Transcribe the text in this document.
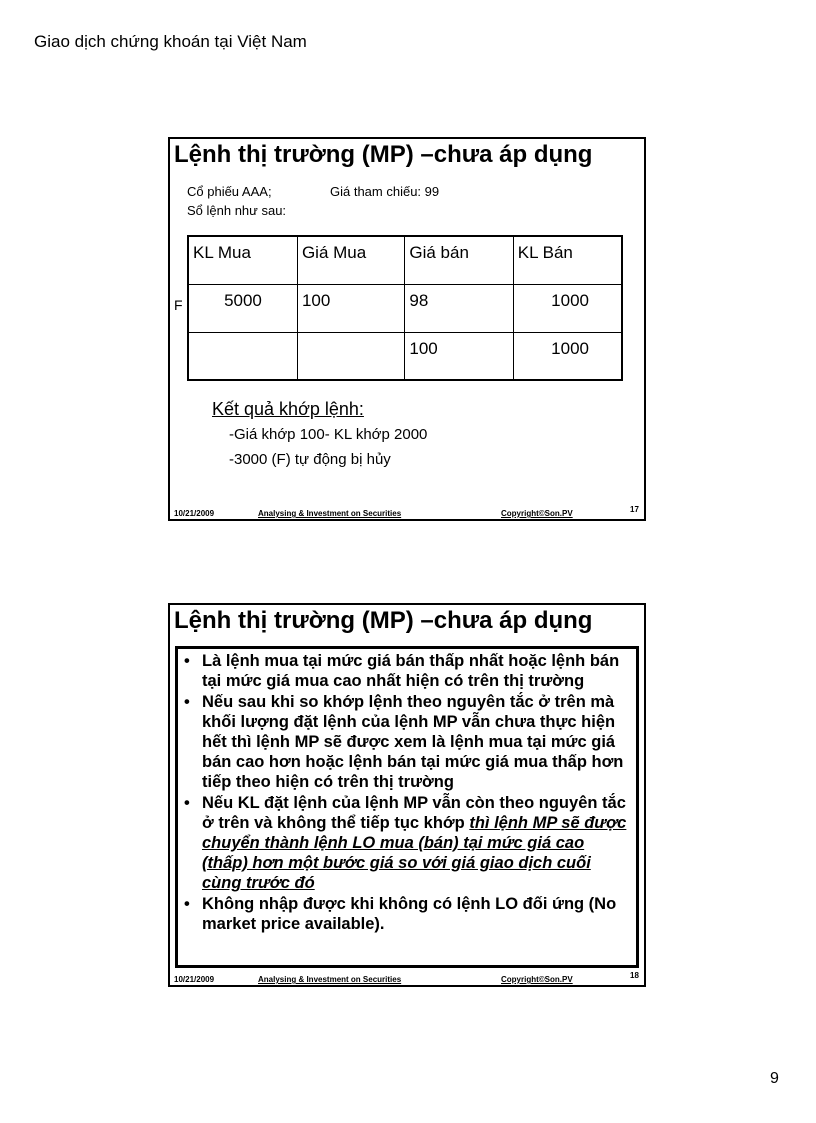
Giao dịch chứng khoán tại Việt Nam
Lệnh thị trường (MP) –chưa áp dụng
Cổ phiếu AAA;	Giá tham chiếu: 99
Sổ lệnh như sau:
F
KL Mua	Giá Mua	Giá bán	KL Bán
5000	100	98	1000
		100	1000
Kết quả khớp lệnh:
-Giá khớp 100- KL khớp 2000
-3000 (F) tự động bị hủy
10/21/2009	Analysing & Investment on Securities	Copyright©Son.PV	17
Lệnh thị trường (MP) –chưa áp dụng
• Là lệnh mua tại mức giá bán thấp nhất hoặc lệnh bán tại mức giá mua cao nhất hiện có trên thị trường
• Nếu sau khi so khớp lệnh theo nguyên tắc ở trên mà khối lượng đặt lệnh của lệnh MP vẫn chưa thực hiện hết thì lệnh MP sẽ được xem là lệnh mua tại mức giá bán cao hơn hoặc lệnh bán tại mức giá mua thấp hơn tiếp theo hiện có trên thị trường
• Nếu KL đặt lệnh của lệnh MP vẫn còn theo nguyên tắc ở trên và không thể tiếp tục khớp thì lệnh MP sẽ được chuyển thành lệnh LO mua (bán) tại mức giá cao (thấp) hơn một bước giá so với giá giao dịch cuối cùng trước đó
• Không nhập được khi không có lệnh LO đối ứng (No market price available).
10/21/2009	Analysing & Investment on Securities	Copyright©Son.PV	18
9
